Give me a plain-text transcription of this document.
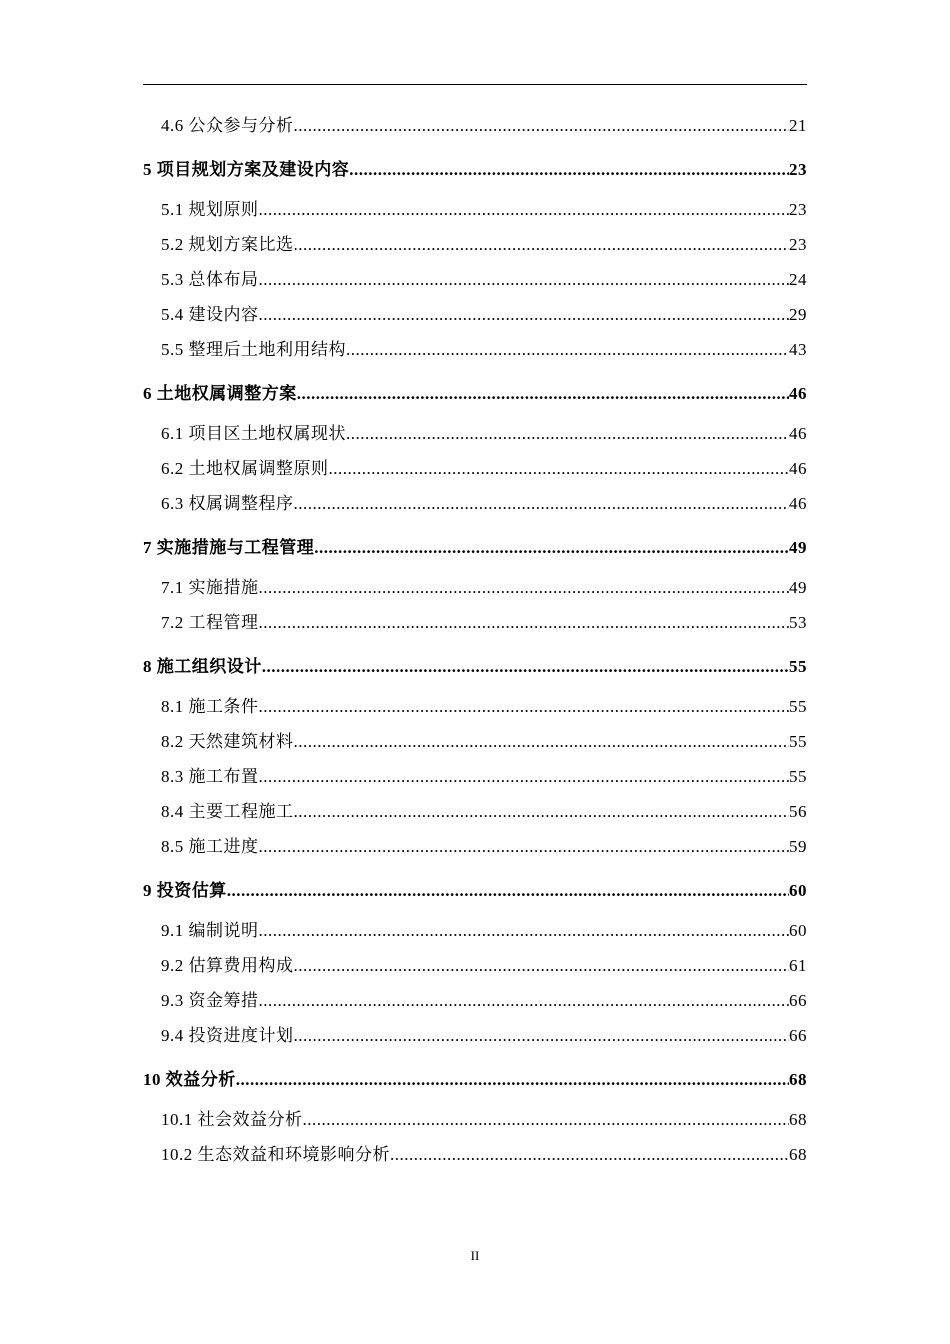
4.6 公众参与分析 .....	21
5 项目规划方案及建设内容 .....	23
5.1 规划原则 .....	23
5.2 规划方案比选 .....	23
5.3 总体布局 .....	24
5.4 建设内容 .....	29
5.5 整理后土地利用结构 .....	43
6 土地权属调整方案 .....	46
6.1 项目区土地权属现状 .....	46
6.2 土地权属调整原则 .....	46
6.3 权属调整程序 .....	46
7 实施措施与工程管理 .....	49
7.1 实施措施 .....	49
7.2 工程管理 .....	53
8 施工组织设计 .....	55
8.1 施工条件 .....	55
8.2 天然建筑材料 .....	55
8.3 施工布置 .....	55
8.4 主要工程施工 .....	56
8.5 施工进度 .....	59
9 投资估算 .....	60
9.1 编制说明 .....	60
9.2 估算费用构成 .....	61
9.3 资金筹措 .....	66
9.4 投资进度计划 .....	66
10 效益分析 .....	68
10.1 社会效益分析 .....	68
10.2 生态效益和环境影响分析 .....	68
II
